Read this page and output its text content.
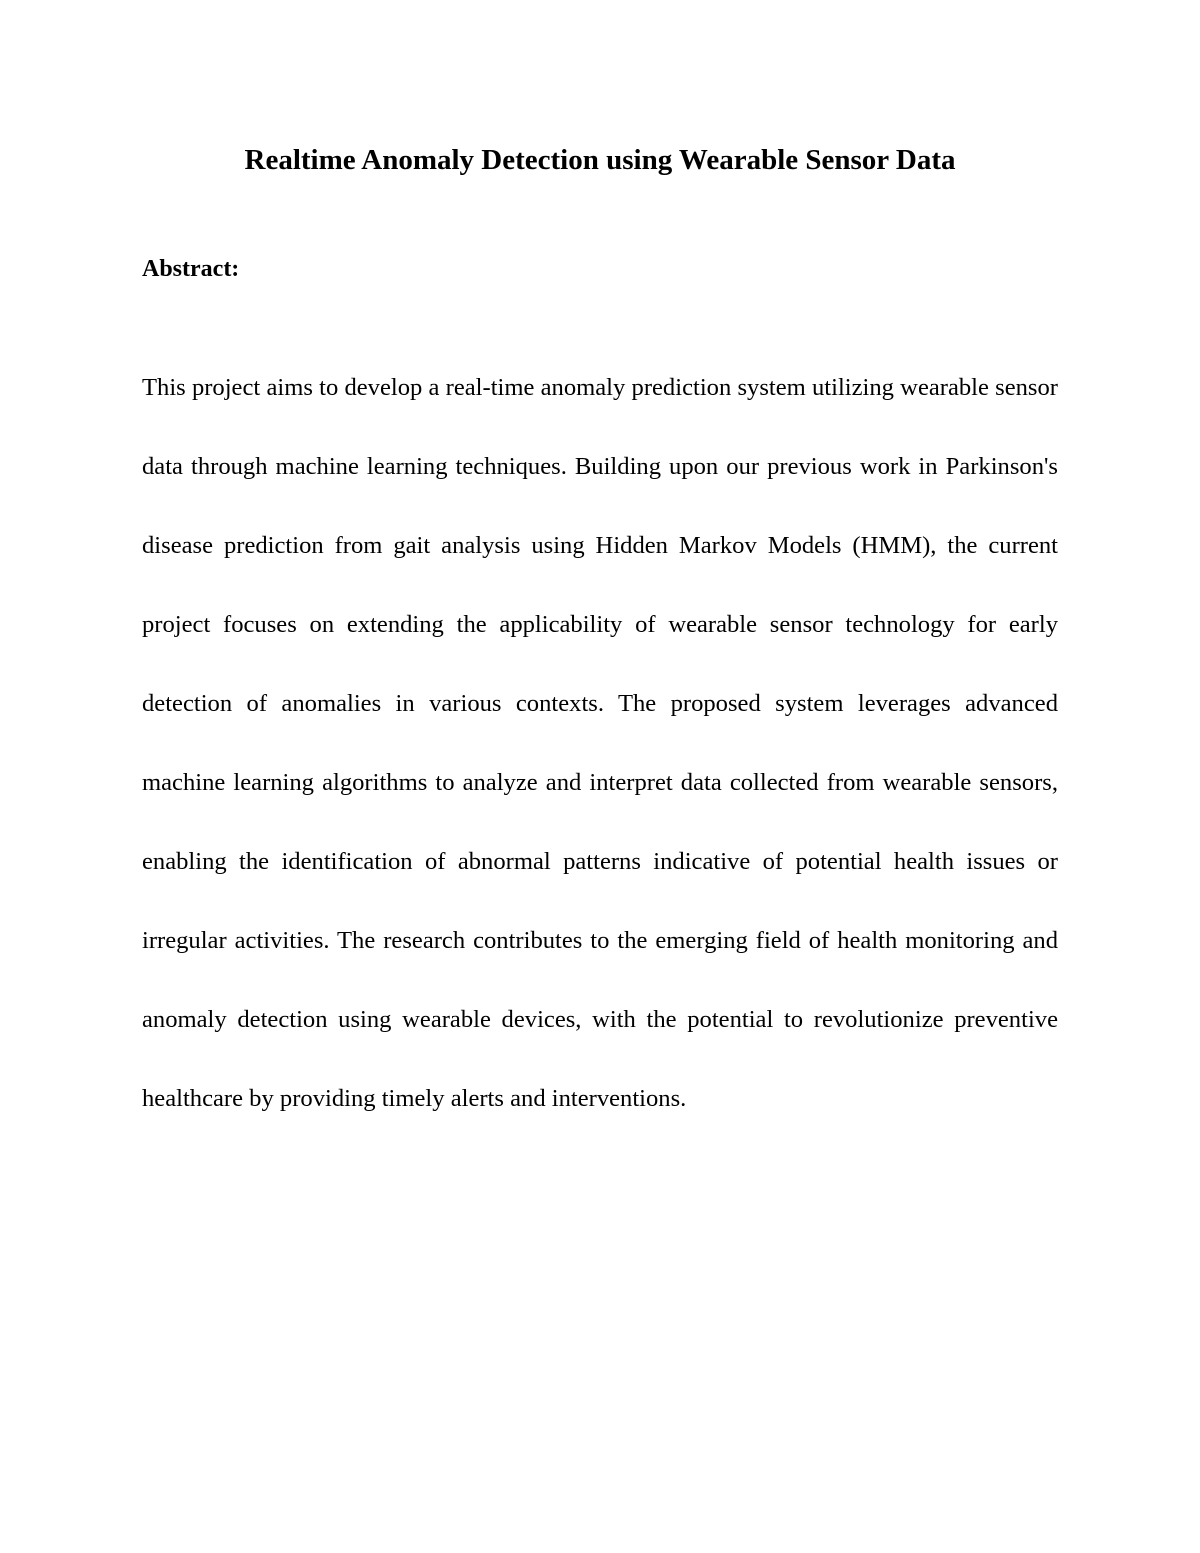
Realtime Anomaly Detection using Wearable Sensor Data
Abstract:

This project aims to develop a real-time anomaly prediction system utilizing wearable sensor data through machine learning techniques. Building upon our previous work in Parkinson's disease prediction from gait analysis using Hidden Markov Models (HMM), the current project focuses on extending the applicability of wearable sensor technology for early detection of anomalies in various contexts. The proposed system leverages advanced machine learning algorithms to analyze and interpret data collected from wearable sensors, enabling the identification of abnormal patterns indicative of potential health issues or irregular activities. The research contributes to the emerging field of health monitoring and anomaly detection using wearable devices, with the potential to revolutionize preventive healthcare by providing timely alerts and interventions.
